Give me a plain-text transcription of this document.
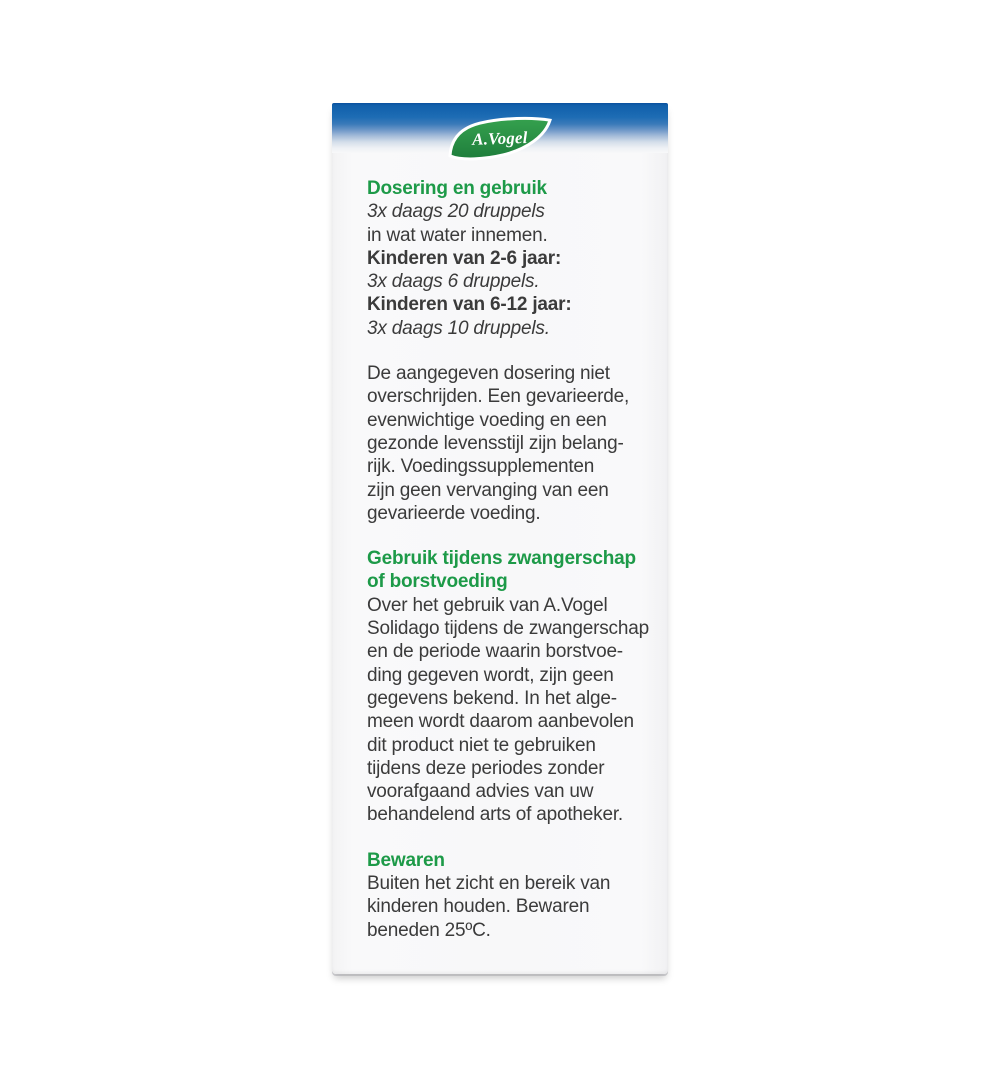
A.Vogel
Dosering en gebruik
3x daags 20 druppels
in wat water innemen.
Kinderen van 2-6 jaar:
3x daags 6 druppels.
Kinderen van 6-12 jaar:
3x daags 10 druppels.
De aangegeven dosering niet
overschrijden. Een gevarieerde,
evenwichtige voeding en een
gezonde levensstijl zijn belang-
rijk. Voedingssupplementen
zijn geen vervanging van een
gevarieerde voeding.
Gebruik tijdens zwangerschap
of borstvoeding
Over het gebruik van A.Vogel
Solidago tijdens de zwangerschap
en de periode waarin borstvoe-
ding gegeven wordt, zijn geen
gegevens bekend. In het alge-
meen wordt daarom aanbevolen
dit product niet te gebruiken
tijdens deze periodes zonder
voorafgaand advies van uw
behandelend arts of apotheker.
Bewaren
Buiten het zicht en bereik van
kinderen houden. Bewaren
beneden 25ºC.
